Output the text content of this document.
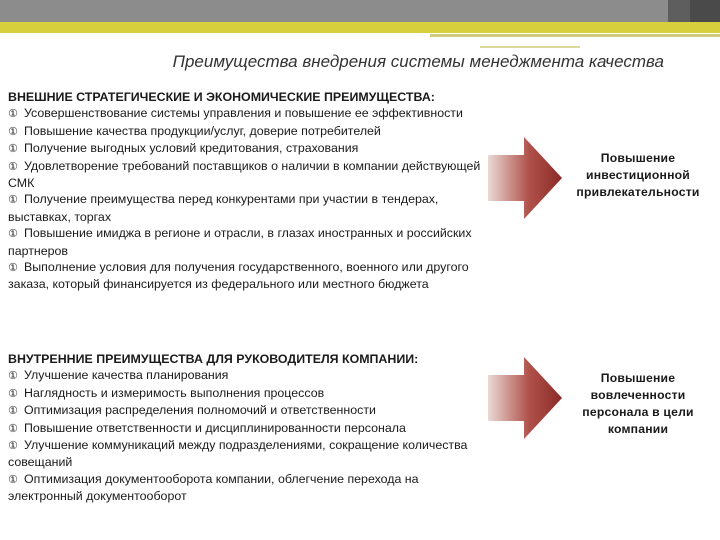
Преимущества внедрения системы менеджмента качества
ВНЕШНИЕ СТРАТЕГИЧЕСКИЕ И ЭКОНОМИЧЕСКИЕ ПРЕИМУЩЕСТВА:
① Усовершенствование системы управления и повышение ее эффективности
① Повышение качества продукции/услуг, доверие потребителей
① Получение выгодных условий кредитования, страхования
① Удовлетворение требований поставщиков о наличии в компании действующей СМК
① Получение преимущества перед конкурентами при участии в тендерах, выставках, торгах
① Повышение имиджа в регионе и отрасли, в глазах иностранных и российских партнеров
① Выполнение условия для получения государственного, военного или другого заказа, который финансируется из федерального или местного бюджета
Повышение
инвестиционной
привлекательности
ВНУТРЕННИЕ ПРЕИМУЩЕСТВА ДЛЯ РУКОВОДИТЕЛЯ КОМПАНИИ:
① Улучшение качества планирования
① Наглядность и измеримость выполнения процессов
① Оптимизация распределения полномочий и ответственности
① Повышение ответственности и дисциплинированности персонала
① Улучшение коммуникаций между подразделениями, сокращение количества совещаний
① Оптимизация документооборота компании, облегчение перехода на электронный документооборот
Повышение
вовлеченности
персонала в цели
компании
